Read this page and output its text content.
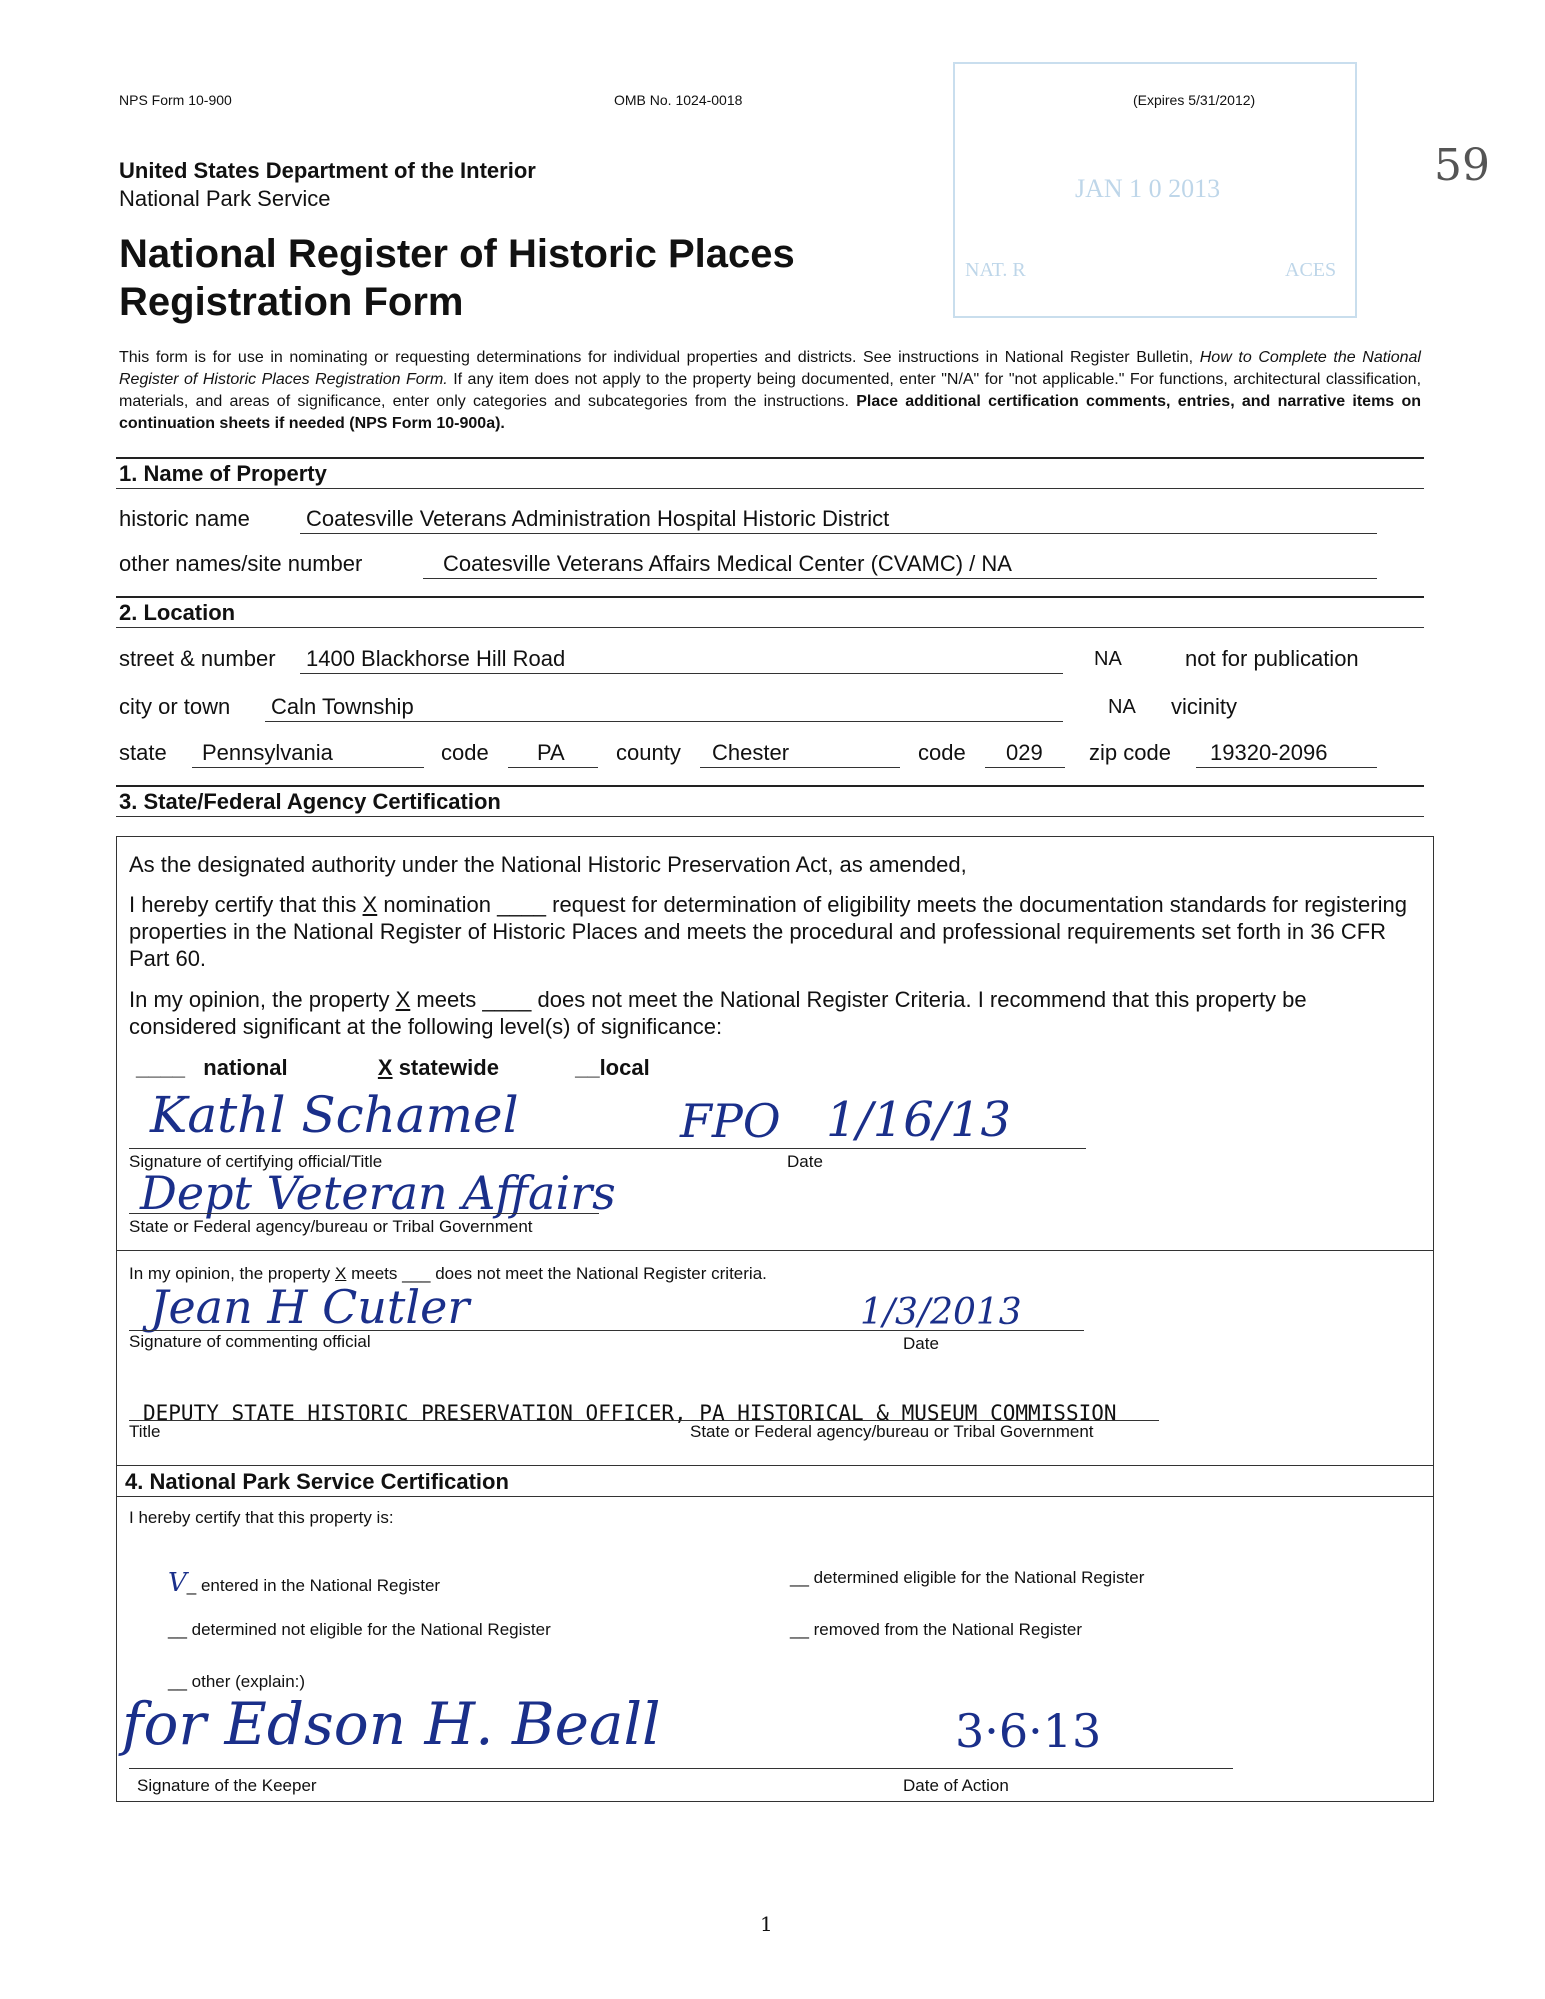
NPS Form 10-900	OMB No. 1024-0018	(Expires 5/31/2012)
59
JAN 1 0 2013
NAT. R	ACES
United States Department of the Interior
National Park Service
National Register of Historic Places
Registration Form
This form is for use in nominating or requesting determinations for individual properties and districts. See instructions in National Register Bulletin, How to Complete the National Register of Historic Places Registration Form. If any item does not apply to the property being documented, enter "N/A" for "not applicable." For functions, architectural classification, materials, and areas of significance, enter only categories and subcategories from the instructions. Place additional certification comments, entries, and narrative items on continuation sheets if needed (NPS Form 10-900a).
1. Name of Property
historic name	Coatesville Veterans Administration Hospital Historic District
other names/site number	Coatesville Veterans Affairs Medical Center (CVAMC) / NA
2. Location
street & number 1400 Blackhorse Hill Road	NA	not for publication
city or town Caln Township	NA vicinity
state Pennsylvania	code PA county Chester	code 029 zip code 19320-2096
3. State/Federal Agency Certification
As the designated authority under the National Historic Preservation Act, as amended,
I hereby certify that this X nomination ____ request for determination of eligibility meets the documentation standards for registering properties in the National Register of Historic Places and meets the procedural and professional requirements set forth in 36 CFR Part 60.
In my opinion, the property X meets ____ does not meet the National Register Criteria. I recommend that this property be considered significant at the following level(s) of significance:
____   national	X statewide	__local
Kathl Schamel	FPO 1/16/13
Signature of certifying official/Title	Date
Dept Veteran Affairs
State or Federal agency/bureau or Tribal Government
In my opinion, the property X meets ___ does not meet the National Register criteria.
Jean H Cutler	1/3/2013
Signature of commenting official	Date
DEPUTY STATE HISTORIC PRESERVATION OFFICER, PA HISTORICAL & MUSEUM COMMISSION
Title	State or Federal agency/bureau or Tribal Government
4. National Park Service Certification
I hereby certify that this property is:
V_ entered in the National Register	__ determined eligible for the National Register
__ determined not eligible for the National Register	__ removed from the National Register
__ other (explain:)
for Edson H. Beall	3·6·13
Signature of the Keeper	Date of Action
1
